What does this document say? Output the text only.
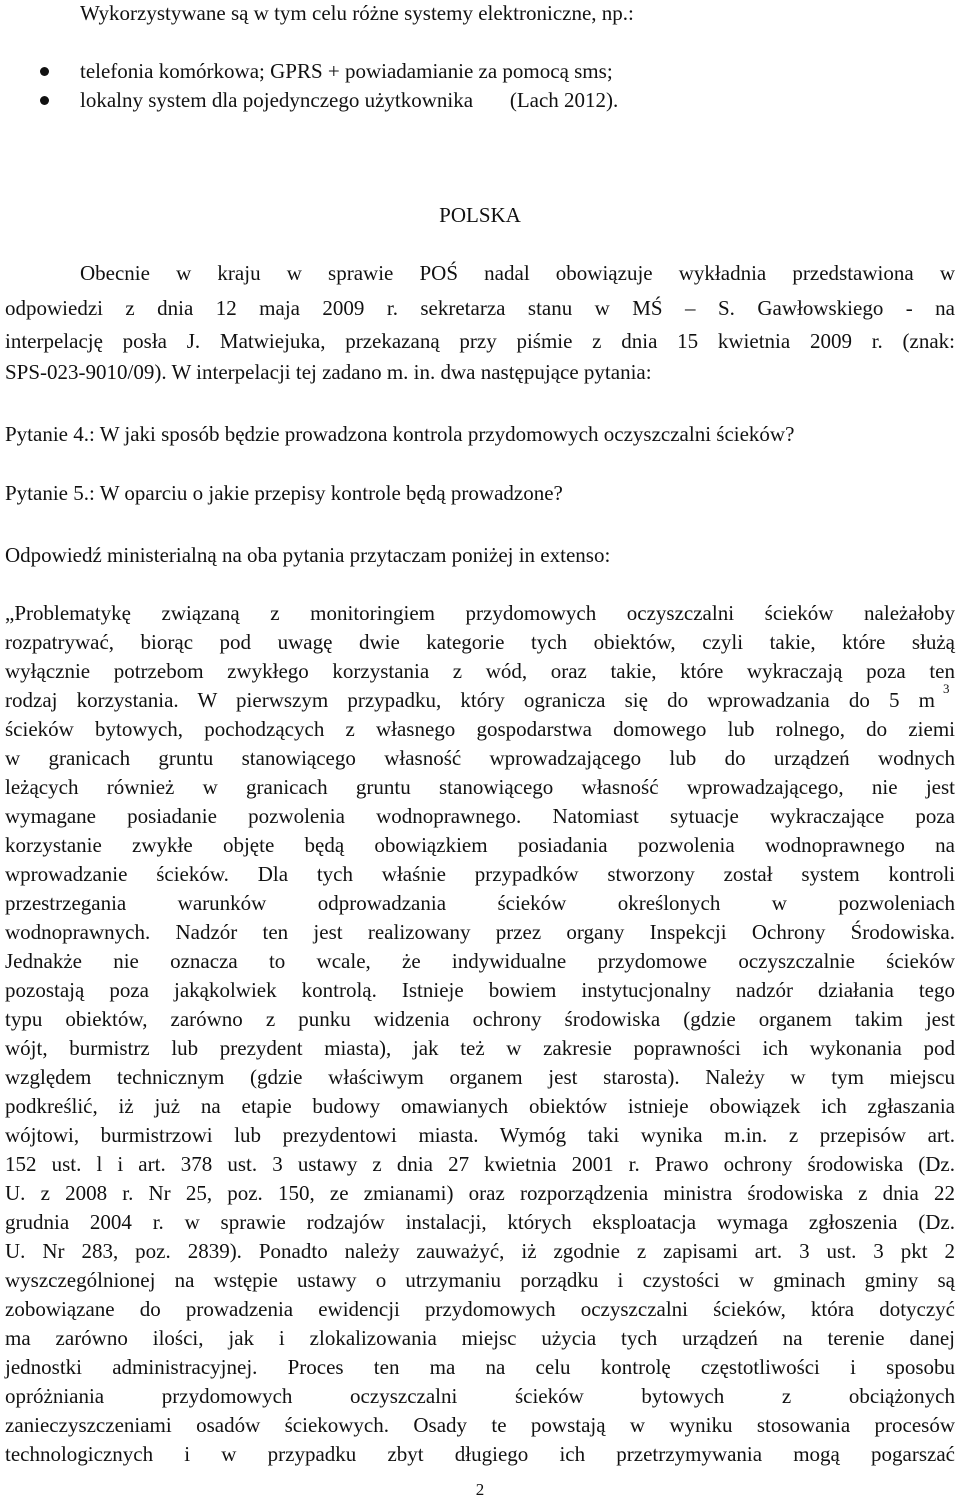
Wykorzystywane są w tym celu różne systemy elektroniczne, np.:
telefonia komórkowa; GPRS + powiadamianie za pomocą sms;
lokalny system dla pojedynczego użytkownika       (Lach 2012).
POLSKA
Obecnie w kraju w sprawie POŚ nadal obowiązuje wykładnia przedstawiona w
odpowiedzi z dnia 12 maja 2009 r. sekretarza stanu w MŚ – S. Gawłowskiego - na
interpelację posła J. Matwiejuka, przekazaną przy piśmie z dnia 15 kwietnia 2009 r. (znak:
SPS-023-9010/09). W interpelacji tej zadano m. in. dwa następujące pytania:
Pytanie 4.: W jaki sposób będzie prowadzona kontrola przydomowych oczyszczalni ścieków?
Pytanie 5.: W oparciu o jakie przepisy kontrole będą prowadzone?
Odpowiedź ministerialną na oba pytania przytaczam poniżej in extenso:
„Problematykę związaną z monitoringiem przydomowych oczyszczalni ścieków należałoby
rozpatrywać, biorąc pod uwagę dwie kategorie tych obiektów, czyli takie, które służą
wyłącznie potrzebom zwykłego korzystania z wód, oraz takie, które wykraczają poza ten
rodzaj korzystania. W pierwszym przypadku, który ogranicza się do wprowadzania do 5 m 3
ścieków bytowych, pochodzących z własnego gospodarstwa domowego lub rolnego, do ziemi
w granicach gruntu stanowiącego własność wprowadzającego lub do urządzeń wodnych
leżących również w granicach gruntu stanowiącego własność wprowadzającego, nie jest
wymagane posiadanie pozwolenia wodnoprawnego. Natomiast sytuacje wykraczające poza
korzystanie zwykłe objęte będą obowiązkiem posiadania pozwolenia wodnoprawnego na
wprowadzanie ścieków. Dla tych właśnie przypadków stworzony został system kontroli
przestrzegania warunków odprowadzania ścieków określonych w pozwoleniach
wodnoprawnych. Nadzór ten jest realizowany przez organy Inspekcji Ochrony Środowiska.
Jednakże nie oznacza to wcale, że indywidualne przydomowe oczyszczalnie ścieków
pozostają poza jakąkolwiek kontrolą. Istnieje bowiem instytucjonalny nadzór działania tego
typu obiektów, zarówno z punku widzenia ochrony środowiska (gdzie organem takim jest
wójt, burmistrz lub prezydent miasta), jak też w zakresie poprawności ich wykonania pod
względem technicznym (gdzie właściwym organem jest starosta). Należy w tym miejscu
podkreślić, iż już na etapie budowy omawianych obiektów istnieje obowiązek ich zgłaszania
wójtowi, burmistrzowi lub prezydentowi miasta. Wymóg taki wynika m.in. z przepisów art.
152 ust. l i art. 378 ust. 3 ustawy z dnia 27 kwietnia 2001 r. Prawo ochrony środowiska (Dz.
U. z 2008 r. Nr 25, poz. 150, ze zmianami) oraz rozporządzenia ministra środowiska z dnia 22
grudnia 2004 r. w sprawie rodzajów instalacji, których eksploatacja wymaga zgłoszenia (Dz.
U. Nr 283, poz. 2839). Ponadto należy zauważyć, iż zgodnie z zapisami art. 3 ust. 3 pkt 2
wyszczególnionej na wstępie ustawy o utrzymaniu porządku i czystości w gminach gminy są
zobowiązane do prowadzenia ewidencji przydomowych oczyszczalni ścieków, która dotyczyć
ma zarówno ilości, jak i zlokalizowania miejsc użycia tych urządzeń na terenie danej
jednostki administracyjnej. Proces ten ma na celu kontrolę częstotliwości i sposobu
opróżniania przydomowych oczyszczalni ścieków bytowych z obciążonych
zanieczyszczeniami osadów ściekowych. Osady te powstają w wyniku stosowania procesów
technologicznych i w przypadku zbyt długiego ich przetrzymywania mogą pogarszać
2
